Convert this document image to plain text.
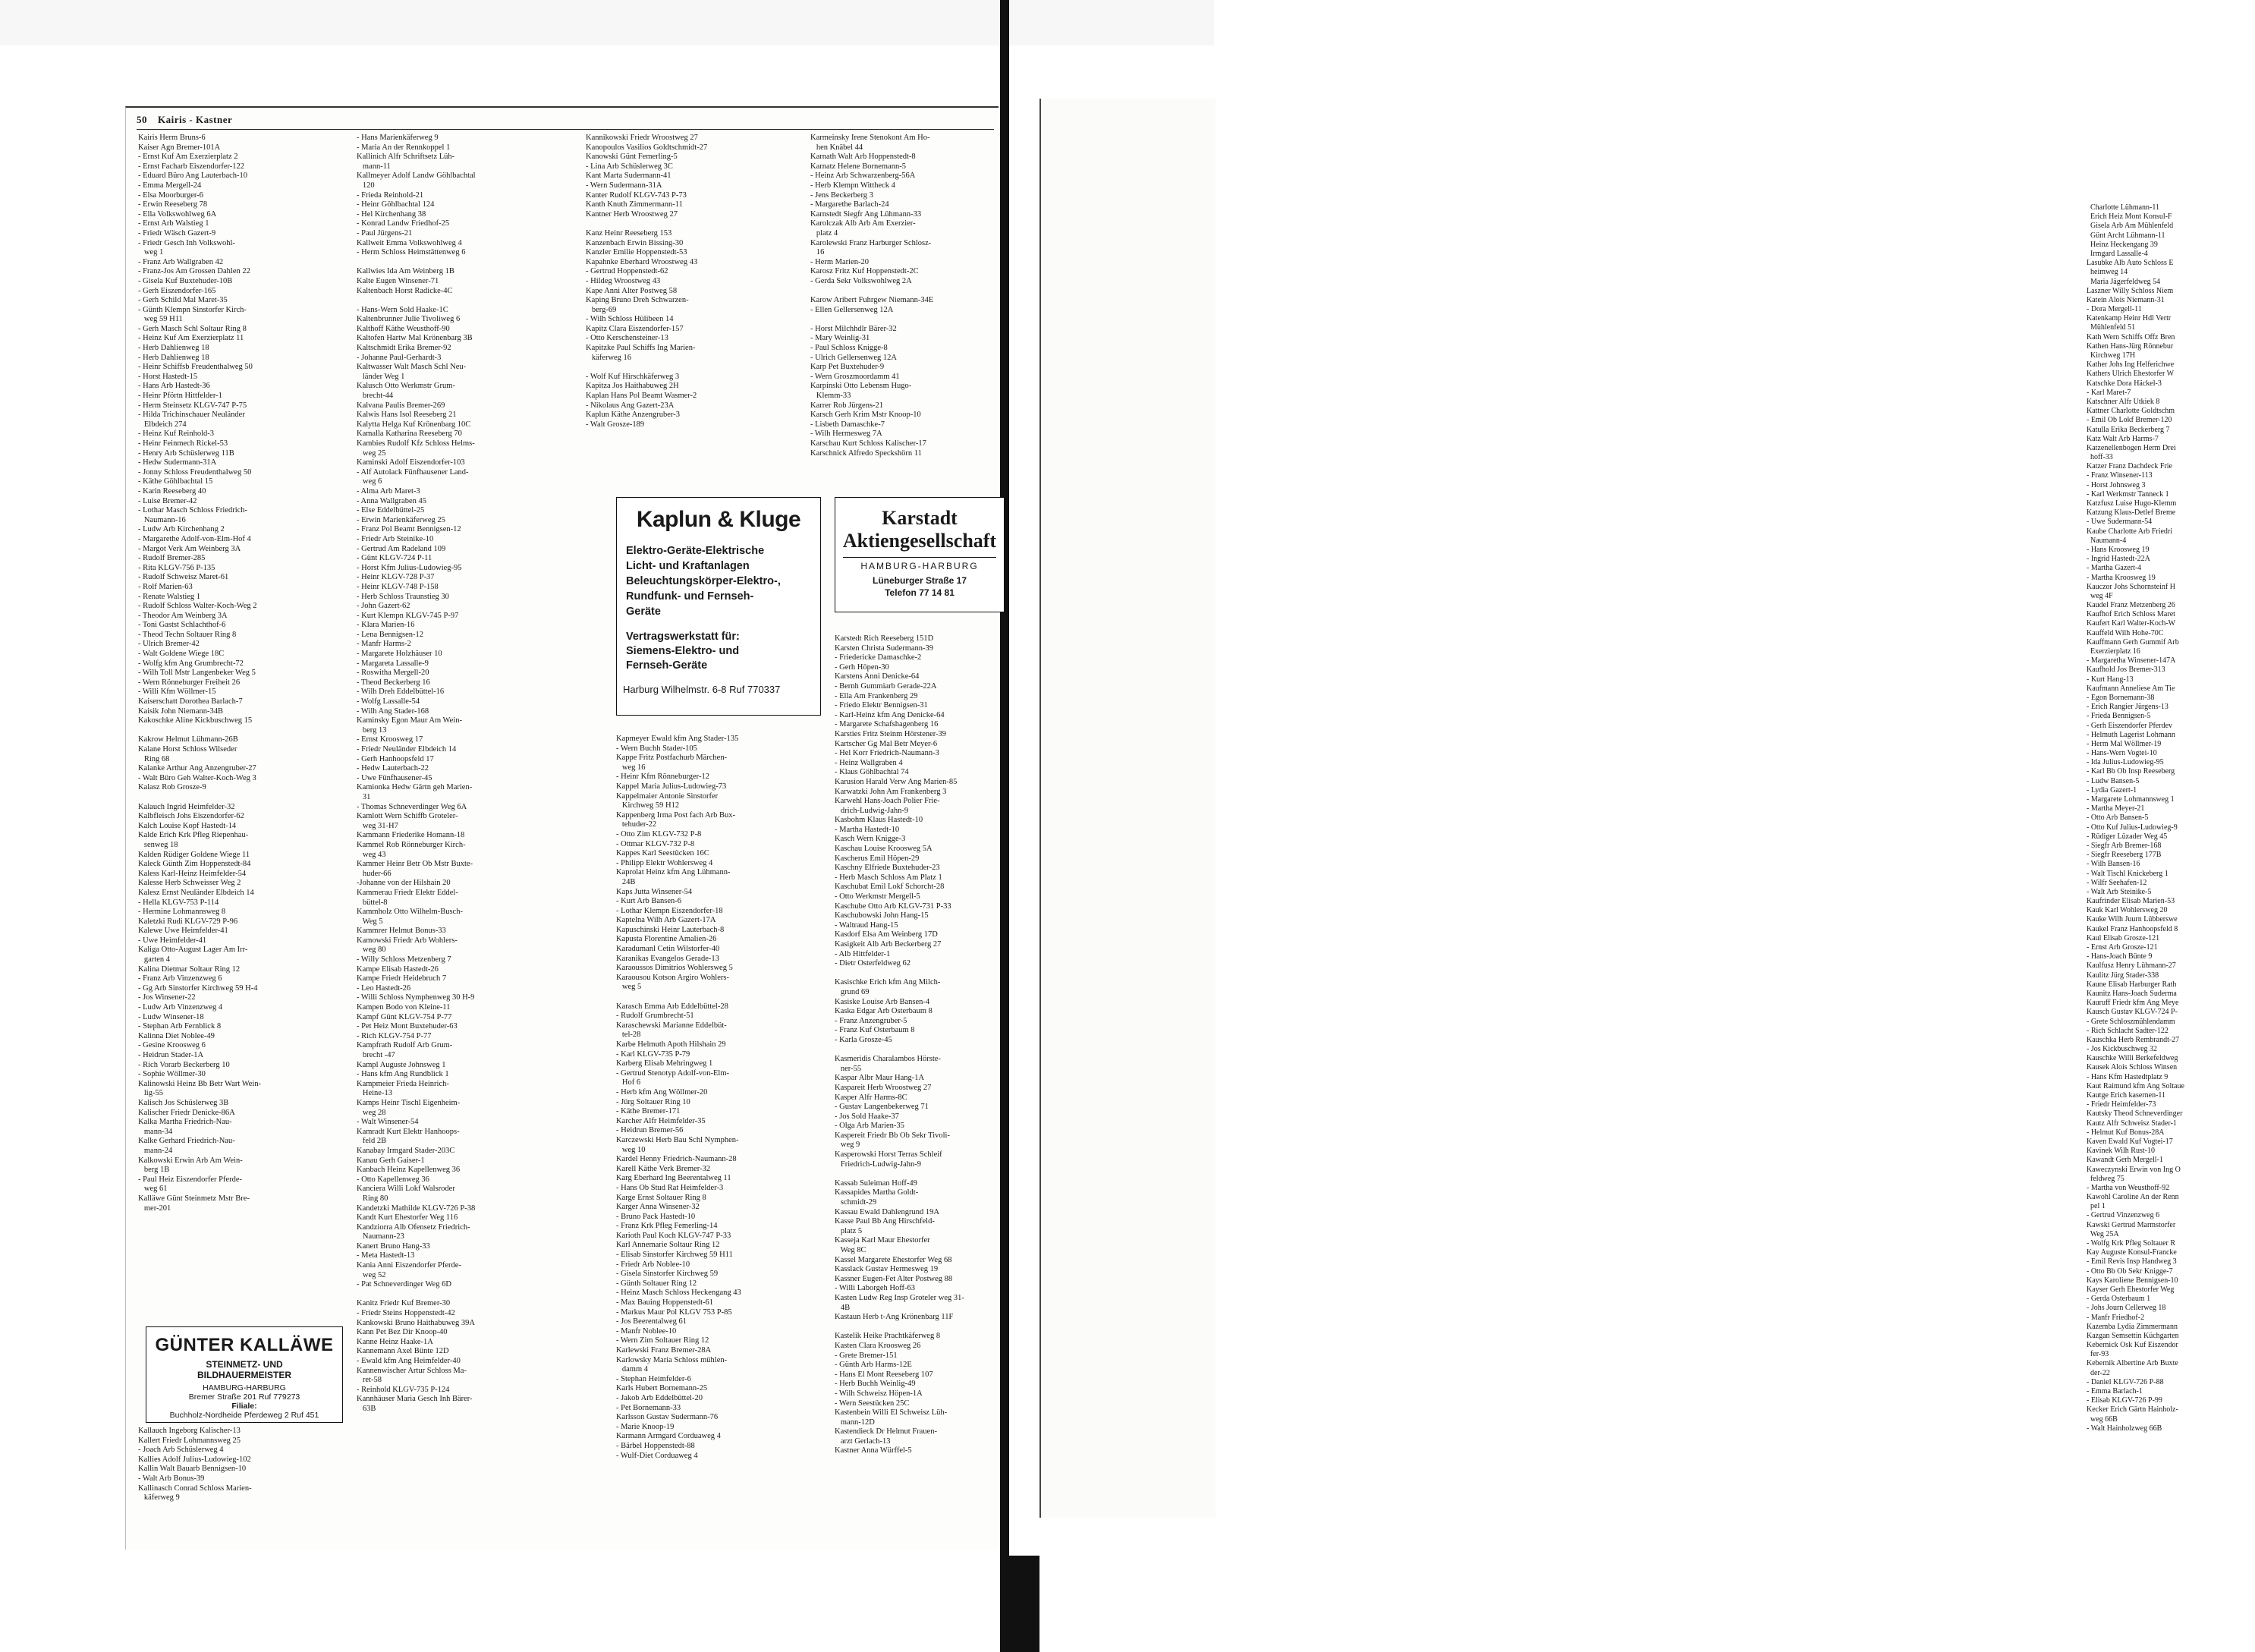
Charlotte Lühmann-11
Erich Heiz Mont Konsul-F
Gisela Arb Am Mühlenfeld
Günt Archt Lühmann-11
Heinz Heckengang 39
Irmgard Lassalle-4
Lasubke Alb Auto Schloss E
heimweg 14
Maria Jägerfeldweg 54
Laszner Willy Schloss Niem
Katein Alois Niemann-31
- Dora Mergell-11
Katenkamp Heinr Hdl Vertr
Mühlenfeld 51
Kath Wern Schiffs Offz Bren
Kathen Hans-Jürg Rönnebur
Kirchweg 17H
Kather Johs Ing Helferichwe
Kathers Ulrich Ehestorfer W
Katschke Dora Häckel-3
- Karl Maret-7
Katschner Alfr Utkiek 8
Kattner Charlotte Goldtschm
- Emil Ob Lokf Bremer-120
Katulla Erika Beckerberg 7
Katz Walt Arb Harms-7
Katzenellenbogen Herm Drei
hoff-33
Katzer Franz Dachdeck Frie
- Franz Winsener-113
- Horst Johnsweg 3
- Karl Werkmstr Tanneck 1
Katzfusz Luise Hugo-Klemm
Katzung Klaus-Detlef Breme
- Uwe Sudermann-54
Kaube Charlotte Arb Friedri
Naumann-4
- Hans Kroosweg 19
- Ingrid Hastedt-22A
- Martha Gazert-4
- Martha Kroosweg 19
Kauczor Johs Schornsteinf H
weg 4F
Kaudel Franz Metzenberg 26
Kaufhof Erich Schloss Maret
Kaufert Karl Walter-Koch-W
Kauffeld Wilh Hohe-70C
Kauffmann Gerh Gummif Arb
Exerzierplatz 16
- Margaretha Winsener-147A
Kaufhold Jos Bremer-313
- Kurt Hang-13
Kaufmann Anneliese Am Tie
- Egon Bornemann-38
- Erich Rangier Jürgens-13
- Frieda Bennigsen-5
- Gerh Eiszendorfer Pferdev
- Helmuth Lagerist Lohmann
- Herm Mal Wöllmer-19
- Hans-Wern Vogtei-10
- Ida Julius-Ludowieg-95
- Karl Bb Ob Insp Reeseberg
- Ludw Bansen-5
- Lydia Gazert-1
- Margarete Lohmannsweg 1
- Martha Meyer-21
- Otto Arb Bansen-5
- Otto Kuf Julius-Ludowieg-9
- Rüdiger Lüzader Weg 45
- Siegfr Arb Bremer-168
- Siegfr Reeseberg 177B
- Wilh Bansen-16
- Walt Tischl Knickeberg 1
- Wilfr Seehafen-12
- Walt Arb Steinike-5
Kaufrinder Elisab Marien-53
Kauk Karl Wohlersweg 20
Kauke Wilh Juurn Lübberswe
Kaukel Franz Hanhoopsfeld 8
Kaul Elisab Grosze-121
- Ernst Arb Grosze-121
- Hans-Joach Bünte 9
Kaulfusz Henry Lühmann-27
Kaulitz Jürg Stader-338
Kaune Elisab Harburger Rath
Kaunitz Hans-Joach Suderma
Kauruff Friedr kfm Ang Meye
Kausch Gustav KLGV-724 P-
- Grete Schloszmühlendamm
- Rich Schlacht Sadter-122
Kauschka Herb Rembrandt-27
- Jos Kickbuschweg 32
Kauschke Willi Berkefeldweg
Kausek Alois Schloss Winsen
- Hans Kfm Hastedtplatz 9
Kaut Raimund kfm Ang Soltaue
Kautge Erich kasernen-11
- Friedr Heimfelder-73
Kautsky Theod Schneverdinger
Kautz Alfr Schweisz Stader-1
- Helmut Kuf Bonus-28A
Kaven Ewald Kuf Vogtei-17
Kavinek Wilh Rust-10
Kawandt Gerh Mergell-1
Kaweczynski Erwin von Ing O
feldweg 75
- Martha von Weusthoff-92
Kawohl Caroline An der Renn
pel 1
- Gertrud Vinzenzweg 6
Kawski Gertrud Marmstorfer
Weg 25A
- Wolfg Krk Pfleg Soltauer R
Kay Auguste Konsul-Francke
- Emil Revis Insp Handweg 3
- Otto Bb Ob Sekr Knigge-7
Kays Karoliene Bennigsen-10
Kayser Gerh Ehestorfer Weg
- Gerda Osterbaum 1
- Johs Journ Cellerweg 18
- Manfr Friedhof-2
Kazemba Lydia Zimmermann
Kazgan Semsettin Küchgarten
Kebernick Osk Kuf Eiszendor
fer-93
Kebernik Albertine Arb Buxte
der-22
- Daniel KLGV-726 P-88
- Emma Barlach-1
- Elisab KLGV-726 P-99
Kecker Erich Gärtn Hainholz-
weg 66B
- Walt Hainholzweg 66B
50 Kairis - Kastner
Kairis Herm Bruns-6
Kaiser Agn Bremer-101A
- Ernst Kuf Am Exerzierplatz 2
- Ernst Facharb Eiszendorfer-122
- Eduard Büro Ang Lauterbach-10
- Emma Mergell-24
- Elsa Moorburger-6
- Erwin Reeseberg 78
- Ella Volkswohlweg 6A
- Ernst Arb Walstieg 1
- Friedr Wäsch Gazert-9
- Friedr Gesch Inh Volkswohl-
weg 1
- Franz Arb Wallgraben 42
- Franz-Jos Am Grossen Dahlen 22
- Gisela Kuf Buxtehuder-10B
- Gerh Eiszendorfer-165
- Gerh Schild Mal Maret-35
- Günth Klempn Sinstorfer Kirch-
weg 59 H11
- Gerh Masch Schl Soltaur Ring 8
- Heinz Kuf Am Exerzierplatz 11
- Herb Dahlienweg 18
- Herb Dahlienweg 18
- Heinr Schiffsb Freudenthalweg 50
- Horst Hastedt-15
- Hans Arb Hastedt-36
- Heinr Pförtn Hittfelder-1
- Herm Steinsetz KLGV-747 P-75
- Hilda Trichinschauer Neuländer
Elbdeich 274
- Heinz Kuf Reinhold-3
- Heinr Feinmech Rickel-53
- Henry Arb Schüslerweg 11B
- Hedw Sudermann-31A
- Jonny Schloss Freudenthalweg 50
- Käthe Göhlbachtal 15
- Karin Reeseberg 40
- Luise Bremer-42
- Lothar Masch Schloss Friedrich-
Naumann-16
- Ludw Arb Kirchenhang 2
- Margarethe Adolf-von-Elm-Hof 4
- Margot Verk Am Weinberg 3A
- Rudolf Bremer-285
- Rita KLGV-756 P-135
- Rudolf Schweisz Maret-61
- Rolf Marien-63
- Renate Walstieg 1
- Rudolf Schloss Walter-Koch-Weg 2
- Theodor Am Weinberg 3A
- Toni Gastst Schlachthof-6
- Theod Techn Soltauer Ring 8
- Ulrich Bremer-42
- Walt Goldene Wiege 18C
- Wolfg kfm Ang Grumbrecht-72
- Wilh Toll Mstr Langenbeker Weg 5
- Wern Rönneburger Freiheit 26
- Willi Kfm Wöllmer-15
Kaiserschatt Dorothea Barlach-7
Kaisik John Niemann-34B
Kakoschke Aline Kickbuschweg 15
Kakrow Helmut Lühmann-26B
Kalane Horst Schloss Wilseder
Ring 68
Kalanke Arthur Ang Anzengruber-27
- Walt Büro Geh Walter-Koch-Weg 3
Kalasz Rob Grosze-9
Kalauch Ingrid Heimfelder-32
Kalbfleisch Johs Eiszendorfer-62
Kalch Louise Kopf Hastedt-14
Kalde Erich Krk Pfleg Riepenhau-
senweg 18
Kalden Rüdiger Goldene Wiege 11
Kaleck Günth Zim Hoppenstedt-84
Kaless Karl-Heinz Heimfelder-54
Kalesse Herb Schweisser Weg 2
Kalesz Ernst Neuländer Elbdeich 14
- Hella KLGV-753 P-114
- Hermine Lohmannsweg 8
Kaletzki Rudi KLGV-729 P-96
Kalewe Uwe Heimfelder-41
- Uwe Heimfelder-41
Kaliga Otto-August Lager Am Irr-
garten 4
Kalina Dietmar Soltaur Ring 12
- Franz Arb Vinzenzweg 6
- Gg Arb Sinstorfer Kirchweg 59 H-4
- Jos Winsener-22
- Ludw Arb Vinzenzweg 4
- Ludw Winsener-18
- Stephan Arb Fernblick 8
Kalinna Diet Noblee-49
- Gesine Kroosweg 6
- Heidrun Stader-1A
- Rich Vorarb Beckerberg 10
- Sophie Wöllmer-30
Kalinowski Heinz Bb Betr Wart Wein-
lig-55
Kalisch Jos Schüslerweg 3B
Kalischer Friedr Denicke-86A
Kalka Martha Friedrich-Nau-
mann-34
Kalke Gerhard Friedrich-Nau-
mann-24
Kalkowski Erwin Arb Am Wein-
berg 1B
- Paul Heiz Eiszendorfer Pferde-
weg 61
Kalläwe Günt Steinmetz Mstr Bre-
mer-201
Kallauch Ingeborg Kalischer-13
Kallert Friedr Lohmannsweg 25
- Joach Arb Schüslerweg 4
Kallies Adolf Julius-Ludowieg-102
Kallin Walt Bauarb Bennigsen-10
- Walt Arb Bonus-39
Kallinasch Conrad Schloss Marien-
käferweg 9
- Hans Marienkäferweg 9
- Maria An der Rennkoppel 1
Kallinich Alfr Schriftsetz Lüh-
mann-11
Kallmeyer Adolf Landw Göhlbachtal
120
- Frieda Reinhold-21
- Heinr Göhlbachtal 124
- Hel Kirchenhang 38
- Konrad Landw Friedhof-25
- Paul Jürgens-21
Kallweit Emma Volkswohlweg 4
- Herm Schloss Heimstättenweg 6
Kallwies Ida Am Weinberg 1B
Kalte Eugen Winsener-71
Kaltenbach Horst Radicke-4C
- Hans-Wern Sold Haake-1C
Kaltenbrunner Julie Tivoliweg 6
Kalthoff Käthe Weusthoff-90
Kaltofen Hartw Mal Krönenbarg 3B
Kaltschmidt Erika Bremer-92
- Johanne Paul-Gerhardt-3
Kaltwasser Walt Masch Schl Neu-
länder Weg 1
Kalusch Otto Werkmstr Grum-
brecht-44
Kalvana Paulis Bremer-269
Kalwis Hans Isol Reeseberg 21
Kalytta Helga Kuf Krönenbarg 10C
Kamalla Katharina Reeseberg 70
Kambies Rudolf Kfz Schloss Helms-
weg 25
Kaminski Adolf Eiszendorfer-103
- Alf Autolack Fünfhausener Land-
weg 6
- Alma Arb Maret-3
- Anna Wallgraben 45
- Else Eddelbüttel-25
- Erwin Marienkäferweg 25
- Franz Pol Beamt Bennigsen-12
- Friedr Arb Steinike-10
- Gertrud Am Radeland 109
- Günt KLGV-724 P-11
- Horst Kfm Julius-Ludowieg-95
- Heinr KLGV-728 P-37
- Heinr KLGV-748 P-158
- Herb Schloss Traunstieg 30
- John Gazert-62
- Kurt Klempn KLGV-745 P-97
- Klara Marien-16
- Lena Bennigsen-12
- Manfr Harms-2
- Margarete Holzhäuser 10
- Margareta Lassalle-9
- Roswitha Mergell-20
- Theod Beckerberg 16
- Wilh Dreh Eddelbüttel-16
- Wolfg Lassalle-54
- Wilh Ang Stader-168
Kaminsky Egon Maur Am Wein-
berg 13
- Ernst Kroosweg 17
- Friedr Neuländer Elbdeich 14
- Gerh Hanhoopsfeld 17
- Hedw Lauterbach-22
- Uwe Fünfhausener-45
Kamionka Hedw Gärtn geh Marien-
31
- Thomas Schneverdinger Weg 6A
Kamlott Wern Schiffb Groteler-
weg 31-H7
Kammann Friederike Homann-18
Kammel Rob Rönneburger Kirch-
weg 43
Kammer Heinr Betr Ob Mstr Buxte-
huder-66
-Johanne von der Hilshain 20
Kammerau Friedr Elektr Eddel-
büttel-8
Kammholz Otto Wilhelm-Busch-
Weg 5
Kammrer Helmut Bonus-33
Kamowski Friedr Arb Wohlers-
weg 80
- Willy Schloss Metzenberg 7
Kampe Elisab Hastedt-26
Kampe Friedr Heidebruch 7
- Leo Hastedt-26
- Willi Schloss Nymphenweg 30 H-9
Kampen Bodo von Kleine-11
Kampf Günt KLGV-754 P-77
- Pet Heiz Mont Buxtehuder-63
- Rich KLGV-754 P-77
Kampfrath Rudolf Arb Grum-
brecht -47
Kampl Auguste Johnsweg 1
- Hans kfm Ang Rundblick 1
Kampmeier Frieda Heinrich-
Heine-13
Kamps Heinr Tischl Eigenheim-
weg 28
- Walt Winsener-54
Kamradt Kurt Elektr Hanhoops-
feld 2B
Kanabay Irmgard Stader-203C
Kanau Gerh Gaiser-1
Kanbach Heinz Kapellenweg 36
- Otto Kapellenweg 36
Kanciera Willi Lokf Walsroder
Ring 80
Kandetzki Mathilde KLGV-726 P-38
Kandt Kurt Ehestorfer Weg 116
Kandziorra Alb Ofensetz Friedrich-
Naumann-23
Kanert Bruno Hang-33
- Meta Hastedt-13
Kania Anni Eiszendorfer Pferde-
weg 52
- Pat Schneverdinger Weg 6D
Kanitz Friedr Kuf Bremer-30
- Friedr Steins Hoppenstedt-42
Kankowski Bruno Haithabuweg 39A
Kann Pet Bez Dir Knoop-40
Kanne Heinz Haake-1A
Kannemann Axel Bünte 12D
- Ewald kfm Ang Heimfelder-40
Kannenwischer Artur Schloss Ma-
ret-58
- Reinhold KLGV-735 P-124
Kannhäuser Maria Gesch Inh Bärer-
63B
Kannikowski Friedr Wroostweg 27
Kanopoulos Vasilios Goldtschmidt-27
Kanowski Günt Femerling-5
- Lina Arb Schüslerweg 3C
Kant Marta Sudermann-41
- Wern Sudermann-31A
Kanter Rudolf KLGV-743 P-73
Kanth Knuth Zimmermann-11
Kantner Herb Wroostweg 27
Kanz Heinr Reeseberg 153
Kanzenbach Erwin Bissing-30
Kanzler Emilie Hoppenstedt-53
Kapahnke Eberhard Wroostweg 43
- Gertrud Hoppenstedt-62
- Hildeg Wroostweg 43
Kape Anni Alter Postweg 58
Kaping Bruno Dreh Schwarzen-
berg-69
- Wilh Schloss Hülibeen 14
Kapitz Clara Eiszendorfer-157
- Otto Kerschensteiner-13
Kapitzke Paul Schiffs Ing Marien-
käferweg 16
- Wolf Kuf Hirschkäferweg 3
Kapitza Jos Haithabuweg 2H
Kaplan Hans Pol Beamt Wasmer-2
- Nikolaus Ang Gazert-23A
Kaplun Käthe Anzengruber-3
- Walt Grosze-189
Kapmeyer Ewald kfm Ang Stader-135
- Wern Buchh Stader-105
Kappe Fritz Postfachurb Märchen-
weg 16
- Heinr Kfm Rönneburger-12
Kappel Maria Julius-Ludowieg-73
Kappelmaier Antonie Sinstorfer
Kirchweg 59 H12
Kappenberg Irma Post fach Arb Bux-
tehuder-22
- Otto Zim KLGV-732 P-8
- Ottmar KLGV-732 P-8
Kappes Karl Seestücken 16C
- Philipp Elektr Wohlersweg 4
Kaprolat Heinz kfm Ang Lühmann-
24B
Kaps Jutta Winsener-54
- Kurt Arb Bansen-6
- Lothar Klempn Eiszendorfer-18
Kaptelna Wilh Arb Gazert-17A
Kapuschinski Heinr Lauterbach-8
Kapusta Florentine Amalien-26
Karadumanl Cetin Wilstorfer-40
Karanikas Evangelos Gerade-13
Karaoussos Dimitrios Wohlersweg 5
Karaousou Kotson Argiro Wohlers-
weg 5
Karasch Emma Arb Eddelbüttel-28
- Rudolf Grumbrecht-51
Karaschewski Marianne Eddelbüt-
tel-28
Karbe Helmuth Apoth Hilshain 29
- Karl KLGV-735 P-79
Karberg Elisab Mehringweg 1
- Gertrud Stenotyp Adolf-von-Elm-
Hof 6
- Herb kfm Ang Wöllmer-20
- Jürg Soltauer Ring 10
- Käthe Bremer-171
Karcher Alfr Heimfelder-35
- Heidrun Bremer-56
Karczewski Herb Bau Schl Nymphen-
weg 10
Kardel Henny Friedrich-Naumann-28
Karell Käthe Verk Bremer-32
Karg Eberhard Ing Beerentalweg 11
- Hans Ob Stud Rat Heimfelder-3
Karge Ernst Soltauer Ring 8
Karger Anna Winsener-32
- Bruno Pack Hastedt-10
- Franz Krk Pfleg Femerling-14
Karioth Paul Koch KLGV-747 P-33
Karl Annemarie Soltaur Ring 12
- Elisab Sinstorfer Kirchweg 59 H11
- Friedr Arb Noblee-10
- Gisela Sinstorfer Kirchweg 59
- Günth Soltauer Ring 12
- Heinz Masch Schloss Heckengang 43
- Max Bauing Hoppenstedt-61
- Markus Maur Pol KLGV 753 P-85
- Jos Beerentalweg 61
- Manfr Noblee-10
- Wern Zim Soltauer Ring 12
Karlewski Franz Bremer-28A
Karlowsky Maria Schloss mühlen-
damm 4
- Stephan Heimfelder-6
Karls Hubert Bornemann-25
- Jakob Arb Eddelbüttel-20
- Pet Bornemann-33
Karlsson Gustav Sudermann-76
- Marie Knoop-19
Karmann Armgard Corduaweg 4
- Bärbel Hoppenstedt-88
- Wulf-Diet Corduaweg 4
Karmeinsky Irene Stenokont Am Ho-
hen Knäbel 44
Karnath Walt Arb Hoppenstedt-8
Karnatz Helene Bornemann-5
- Heinz Arb Schwarzenberg-56A
- Herb Klempn Wittheck 4
- Jens Beckerberg 3
- Margarethe Barlach-24
Karnstedt Siegfr Ang Lühmann-33
Karolczak Alb Arb Am Exerzier-
platz 4
Karolewski Franz Harburger Schlosz-
16
- Herm Marien-20
Karosz Fritz Kuf Hoppenstedt-2C
- Gerda Sekr Volkswohlweg 2A
Karow Aribert Fuhrgew Niemann-34E
- Ellen Gellersenweg 12A
- Horst Milchhdlr Bärer-32
- Mary Weinlig-31
- Paul Schloss Knigge-8
- Ulrich Gellersenweg 12A
Karp Pet Buxtehuder-9
- Wern Groszmoordamm 41
Karpinski Otto Lebensm Hugo-
Klemm-33
Karrer Rob Jürgens-21
Karsch Gerh Krim Mstr Knoop-10
- Lisbeth Damaschke-7
- Wilh Hermesweg 7A
Karschau Kurt Schloss Kalischer-17
Karschnick Alfredo Speckshörn 11
Karstedt Rich Reeseberg 151D
Karsten Christa Sudermann-39
- Friedericke Damaschke-2
- Gerh Höpen-30
Karstens Anni Denicke-64
- Bernh Gummiarb Gerade-22A
- Ella Am Frankenberg 29
- Friedo Elektr Bennigsen-31
- Karl-Heinz kfm Ang Denicke-64
- Margarete Schafshagenberg 16
Karsties Fritz Steinm Hörstener-39
Kartscher Gg Mal Betr Meyer-6
- Hel Korr Friedrich-Naumann-3
- Heinz Wallgraben 4
- Klaus Göhlbachtal 74
Karusion Harald Verw Ang Marien-85
Karwatzki John Am Frankenberg 3
Karwehl Hans-Joach Polier Frie-
drich-Ludwig-Jahn-9
Kasbohm Klaus Hastedt-10
- Martha Hastedt-10
Kasch Wern Knigge-3
Kaschau Louise Kroosweg 5A
Kascherus Emil Höpen-29
Kaschny Elfriede Buxtehuder-23
- Herb Masch Schloss Am Platz 1
Kaschubat Emil Lokf Schorcht-28
- Otto Werkmstr Mergell-5
Kaschube Otto Arb KLGV-731 P-33
Kaschubowski John Hang-15
- Waltraud Hang-15
Kasdorf Elsa Am Weinberg 17D
Kasigkeit Alb Arb Beckerberg 27
- Alb Hittfelder-1
- Dietr Osterfeldweg 62
Kasischke Erich kfm Ang Milch-
grund 69
Kasiske Louise Arb Bansen-4
Kaska Edgar Arb Osterbaum 8
- Franz Anzengruber-5
- Franz Kuf Osterbaum 8
- Karla Grosze-45
Kasmeridis Charalambos Hörste-
ner-55
Kaspar Albr Maur Hang-1A
Kaspareit Herb Wroostweg 27
Kasper Alfr Harms-8C
- Gustav Langenbekerweg 71
- Jos Sold Haake-37
- Olga Arb Marien-35
Kaspereit Friedr Bb Ob Sekr Tivoli-
weg 9
Kasperowski Horst Terras Schleif
Friedrich-Ludwig-Jahn-9
Kassab Suleiman Hoff-49
Kassapides Martha Goldt-
schmidt-29
Kassau Ewald Dahlengrund 19A
Kasse Paul Bb Ang Hirschfeld-
platz 5
Kasseja Karl Maur Ehestorfer
Weg 8C
Kassel Margarete Ehestorfer Weg 68
Kasslack Gustav Hermesweg 19
Kassner Eugen-Fet Alter Postweg 88
- Willi Laborgeh Hoff-63
Kasten Ludw Reg Insp Groteler weg 31-
4B
Kastaun Herb t-Ang Krönenbarg 11F
Kastelik Heike Prachtkäferweg 8
Kasten Clara Kroosweg 26
- Grete Bremer-151
- Günth Arb Harms-12E
- Hans El Mont Reeseberg 107
- Herb Buchh Weinlig-49
- Wilh Schweisz Höpen-1A
- Wern Seestücken 25C
Kastenbein Willi El Schweisz Lüh-
mann-12D
Kastendieck Dr Helmut Frauen-
arzt Gerlach-13
Kastner Anna Würffel-5
GÜNTER KALLÄWE
STEINMETZ- UND
BILDHAUERMEISTER
HAMBURG-HARBURG
Bremer Straße 201 Ruf 779273
Filiale:
Buchholz-Nordheide Pferdeweg 2 Ruf 451
Kaplun & Kluge
Elektro-Geräte-Elektrische
Licht- und Kraftanlagen
Beleuchtungskörper-Elektro-,
Rundfunk- und Fernseh-
Geräte
Vertragswerkstatt für:
Siemens-Elektro- und
Fernseh-Geräte
Harburg Wilhelmstr. 6-8 Ruf 770337
Karstadt
Aktiengesellschaft
HAMBURG-HARBURG
Lüneburger Straße 17
Telefon 77 14 81
